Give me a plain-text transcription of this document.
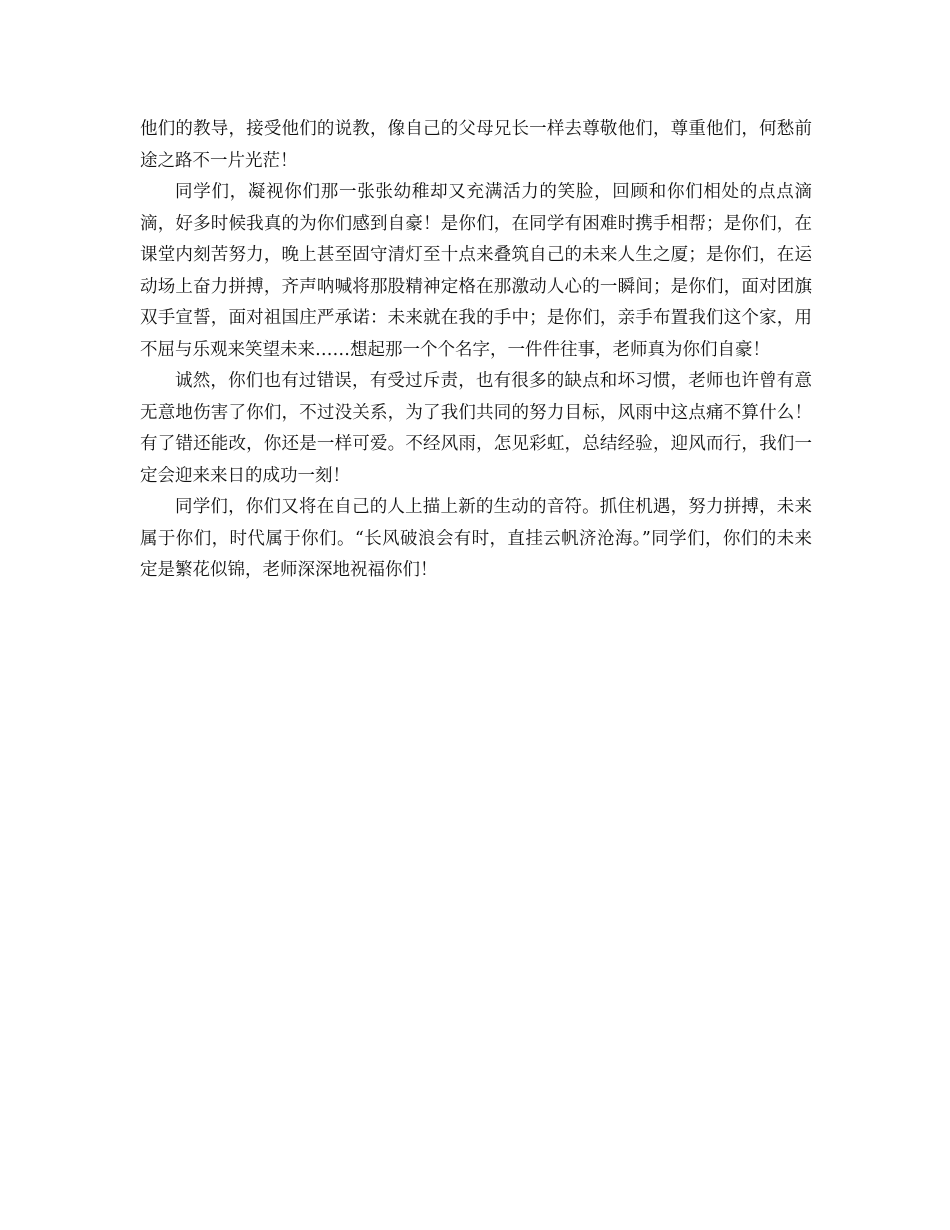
他们的教导，接受他们的说教，像自己的父母兄长一样去尊敬他们，尊重他们，何愁前途之路不一片光茫！

同学们，凝视你们那一张张幼稚却又充满活力的笑脸，回顾和你们相处的点点滴滴，好多时候我真的为你们感到自豪！是你们，在同学有困难时携手相帮；是你们，在课堂内刻苦努力，晚上甚至固守清灯至十点来叠筑自己的未来人生之厦；是你们，在运动场上奋力拼搏，齐声呐喊将那股精神定格在那激动人心的一瞬间；是你们，面对团旗双手宣誓，面对祖国庄严承诺：未来就在我的手中；是你们，亲手布置我们这个家，用不屈与乐观来笑望未来……想起那一个个名字，一件件往事，老师真为你们自豪！

诚然，你们也有过错误，有受过斥责，也有很多的缺点和坏习惯，老师也许曾有意无意地伤害了你们，不过没关系，为了我们共同的努力目标，风雨中这点痛不算什么！有了错还能改，你还是一样可爱。不经风雨，怎见彩虹，总结经验，迎风而行，我们一定会迎来来日的成功一刻！

同学们，你们又将在自己的人上描上新的生动的音符。抓住机遇，努力拼搏，未来属于你们，时代属于你们。“长风破浪会有时，直挂云帆济沧海。”同学们，你们的未来定是繁花似锦，老师深深地祝福你们！
